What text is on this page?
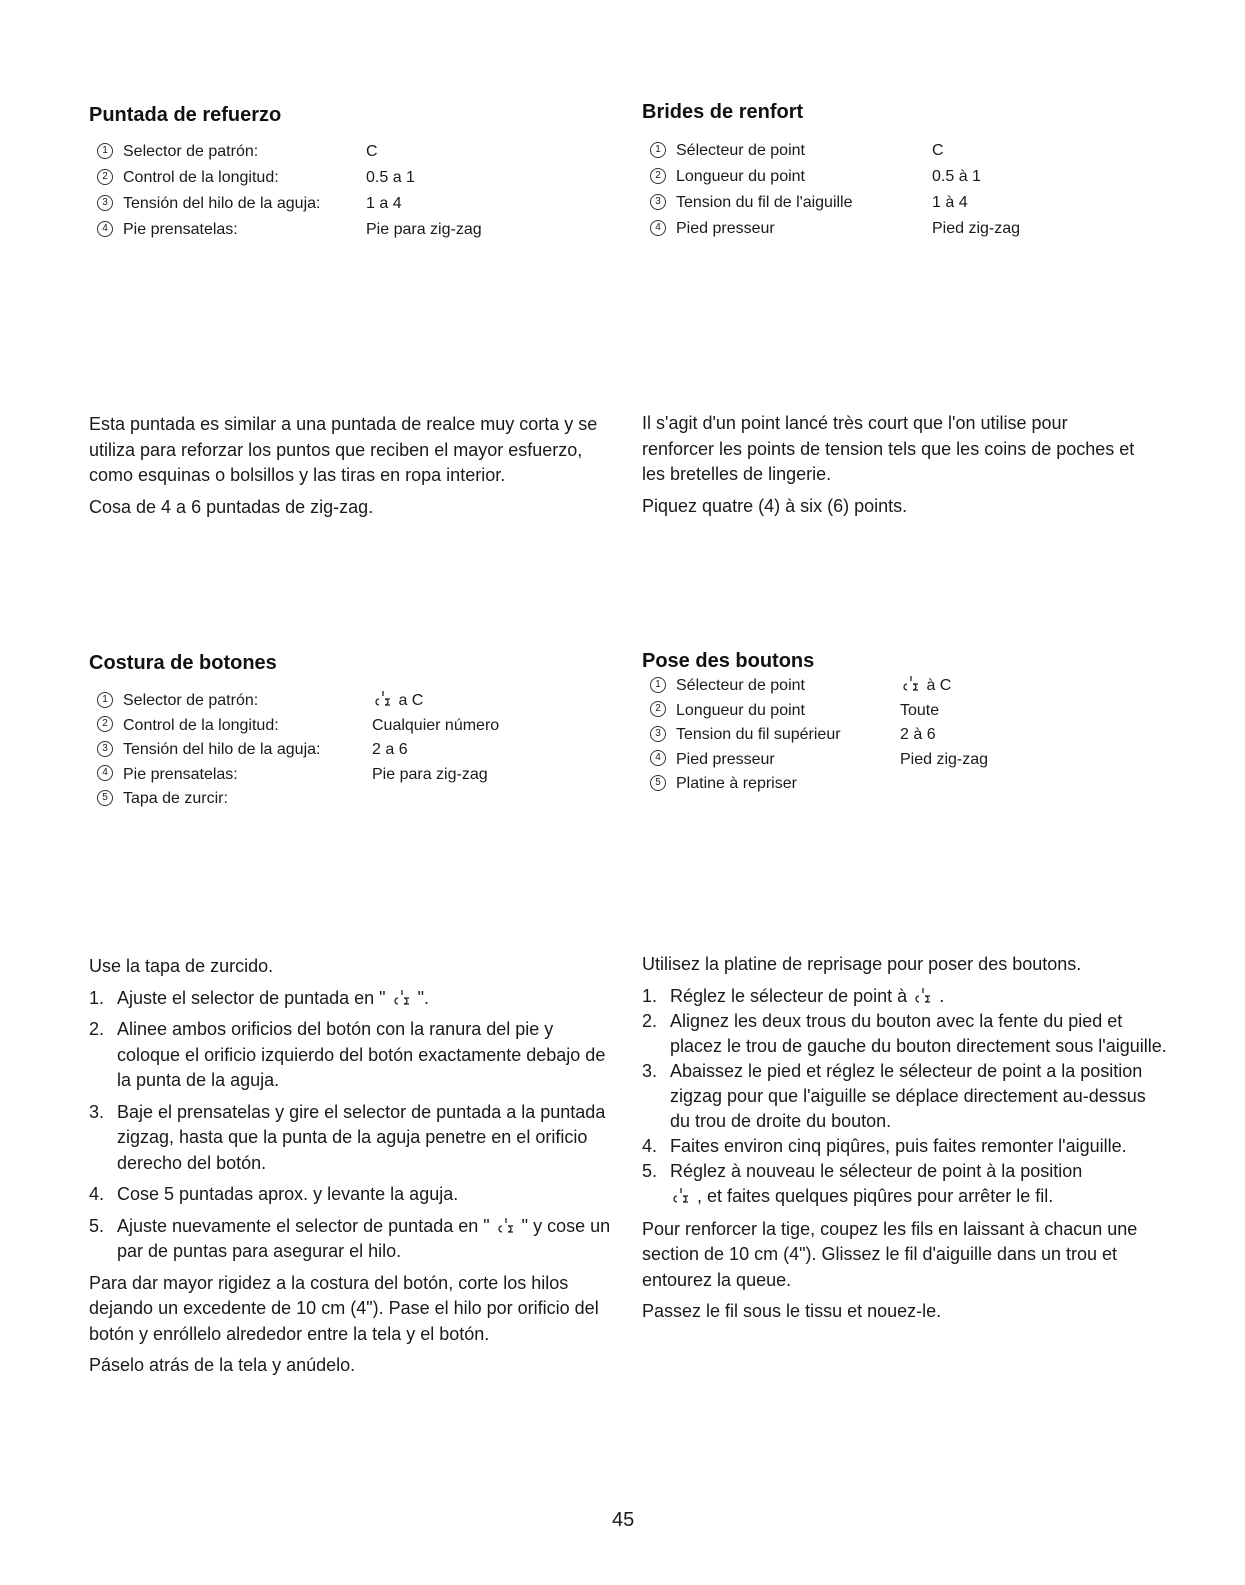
Puntada de refuerzo
1 Selector de patrón:	C
2 Control de la longitud:	0.5 a 1
3 Tensión del hilo de la aguja:	1 a 4
4 Pie prensatelas:	Pie para zig-zag
Brides de renfort
1 Sélecteur de point	C
2 Longueur du point	0.5 à 1
3 Tension du fil de l'aiguille	1 à 4
4 Pied presseur	Pied zig-zag

Esta puntada es similar a una puntada de realce muy corta y se utiliza para reforzar los puntos que reciben el mayor esfuerzo, como esquinas o bolsillos y las tiras en ropa interior.

Cosa de 4 a 6 puntadas de zig-zag.

Il s'agit d'un point lancé très court que l'on utilise pour renforcer les points de tension tels que les coins de poches et les bretelles de lingerie.

Piquez quatre (4) à six (6) points.

Costura de botones
1 Selector de patrón:	a C
2 Control de la longitud:	Cualquier número
3 Tensión del hilo de la aguja:	2 a 6
4 Pie prensatelas:	Pie para zig-zag
5 Tapa de zurcir:
Pose des boutons
1 Sélecteur de point	à C
2 Longueur du point	Toute
3 Tension du fil supérieur	2 à 6
4 Pied presseur	Pied zig-zag
5 Platine à repriser

Use la tapa de zurcido.

1. Ajuste el selector de puntada en " ".
2. Alinee ambos orificios del botón con la ranura del pie y coloque el orificio izquierdo del botón exactamente debajo de la punta de la aguja.
3. Baje el prensatelas y gire el selector de puntada a la puntada zigzag, hasta que la punta de la aguja penetre en el orificio derecho del botón.
4. Cose 5 puntadas aprox. y levante la aguja.
5. Ajuste nuevamente el selector de puntada en " " y cose un par de puntas para asegurar el hilo.

Para dar mayor rigidez a la costura del botón, corte los hilos dejando un excedente de 10 cm (4"). Pase el hilo por orificio del botón y enróllelo alrededor entre la tela y el botón.

Páselo atrás de la tela y anúdelo.

Utilisez la platine de reprisage pour poser des boutons.

1. Réglez le sélecteur de point à .
2. Alignez les deux trous du bouton avec la fente du pied et placez le trou de gauche du bouton directement sous l'aiguille.
3. Abaissez le pied et réglez le sélecteur de point a la position zigzag pour que l'aiguille se déplace directement au-dessus du trou de droite du bouton.
4. Faites environ cinq piqûres, puis faites remonter l'aiguille.
5. Réglez à nouveau le sélecteur de point à la position

, et faites quelques piqûres pour arrêter le fil.

Pour renforcer la tige, coupez les fils en laissant à chacun une section de 10 cm (4"). Glissez le fil d'aiguille dans un trou et entourez la queue.

Passez le fil sous le tissu et nouez-le.

45
